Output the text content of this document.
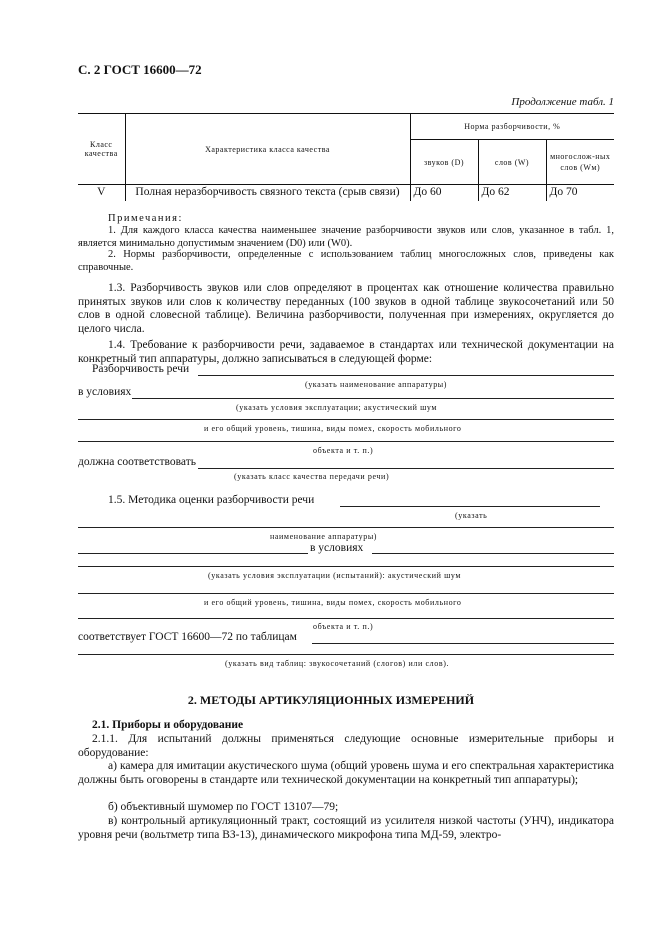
С. 2 ГОСТ 16600—72
Продолжение табл. 1
Класс качества	Характеристика класса качества	Норма разборчивости, %		
		звуков (D)	слов (W)	многослож-ных слов (Wм)
V	Полная неразборчивость связного текста (срыв связи)	До 60	До 62	До 70
Примечания:
1. Для каждого класса качества наименьшее значение разборчивости звуков или слов, указанное в табл. 1, является минимально допустимым значением (D0) или (W0).
2. Нормы разборчивости, определенные с использованием таблиц многосложных слов, приведены как справочные.
1.3. Разборчивость звуков или слов определяют в процентах как отношение количества правильно принятых звуков или слов к количеству переданных (100 звуков в одной таблице звукосочетаний или 50 слов в одной словесной таблице). Величина разборчивости, полученная при измерениях, округляется до целого числа.
1.4. Требование к разборчивости речи, задаваемое в стандартах или технической документации на конкретный тип аппаратуры, должно записываться в следующей форме:
Разборчивость речи
(указать наименование аппаратуры)
в условиях
(указать условия эксплуатации; акустический шум
и его общий уровень, тишина, виды помех, скорость мобильного
объекта и т. п.)
должна соответствовать
(указать класс качества передачи речи)
1.5. Методика оценки разборчивости речи
(указать
наименование аппаратуры)
в условиях
(указать условия эксплуатации (испытаний): акустический шум
и его общий уровень, тишина, виды помех, скорость мобильного
объекта и т. п.)
соответствует ГОСТ 16600—72 по таблицам
(указать вид таблиц: звукосочетаний (слогов) или слов).
2. МЕТОДЫ АРТИКУЛЯЦИОННЫХ ИЗМЕРЕНИЙ
2.1. Приборы и оборудование
2.1.1. Для испытаний должны применяться следующие основные измерительные приборы и оборудование:
а) камера для имитации акустического шума (общий уровень шума и его спектральная характеристика должны быть оговорены в стандарте или технической документации на конкретный тип аппаратуры);
б) объективный шумомер по ГОСТ 13107—79;
в) контрольный артикуляционный тракт, состоящий из усилителя низкой частоты (УНЧ), индикатора уровня речи (вольтметр типа ВЗ-13), динамического микрофона типа МД-59, электро-
